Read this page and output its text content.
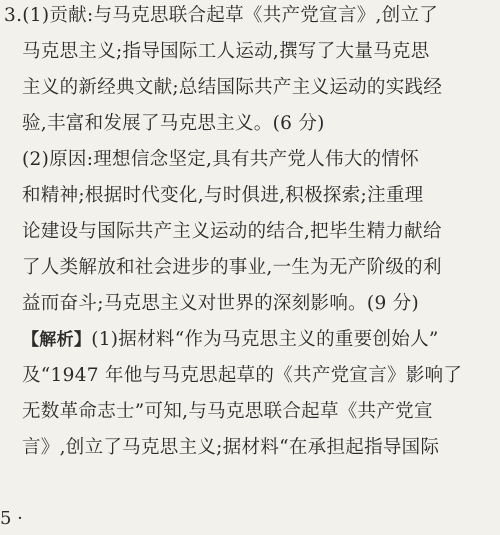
3.(1)贡献:与马克思联合起草《共产党宣言》,创立了
马克思主义;指导国际工人运动,撰写了大量马克思
主义的新经典文献;总结国际共产主义运动的实践经
验,丰富和发展了马克思主义。(6 分)
(2)原因:理想信念坚定,具有共产党人伟大的情怀
和精神;根据时代变化,与时俱进,积极探索;注重理
论建设与国际共产主义运动的结合,把毕生精力献给
了人类解放和社会进步的事业,一生为无产阶级的利
益而奋斗;马克思主义对世界的深刻影响。(9 分)
【解析】(1)据材料“作为马克思主义的重要创始人”
及“1947 年他与马克思起草的《共产党宣言》影响了
无数革命志士”可知,与马克思联合起草《共产党宣
言》,创立了马克思主义;据材料“在承担起指导国际
5 ·
